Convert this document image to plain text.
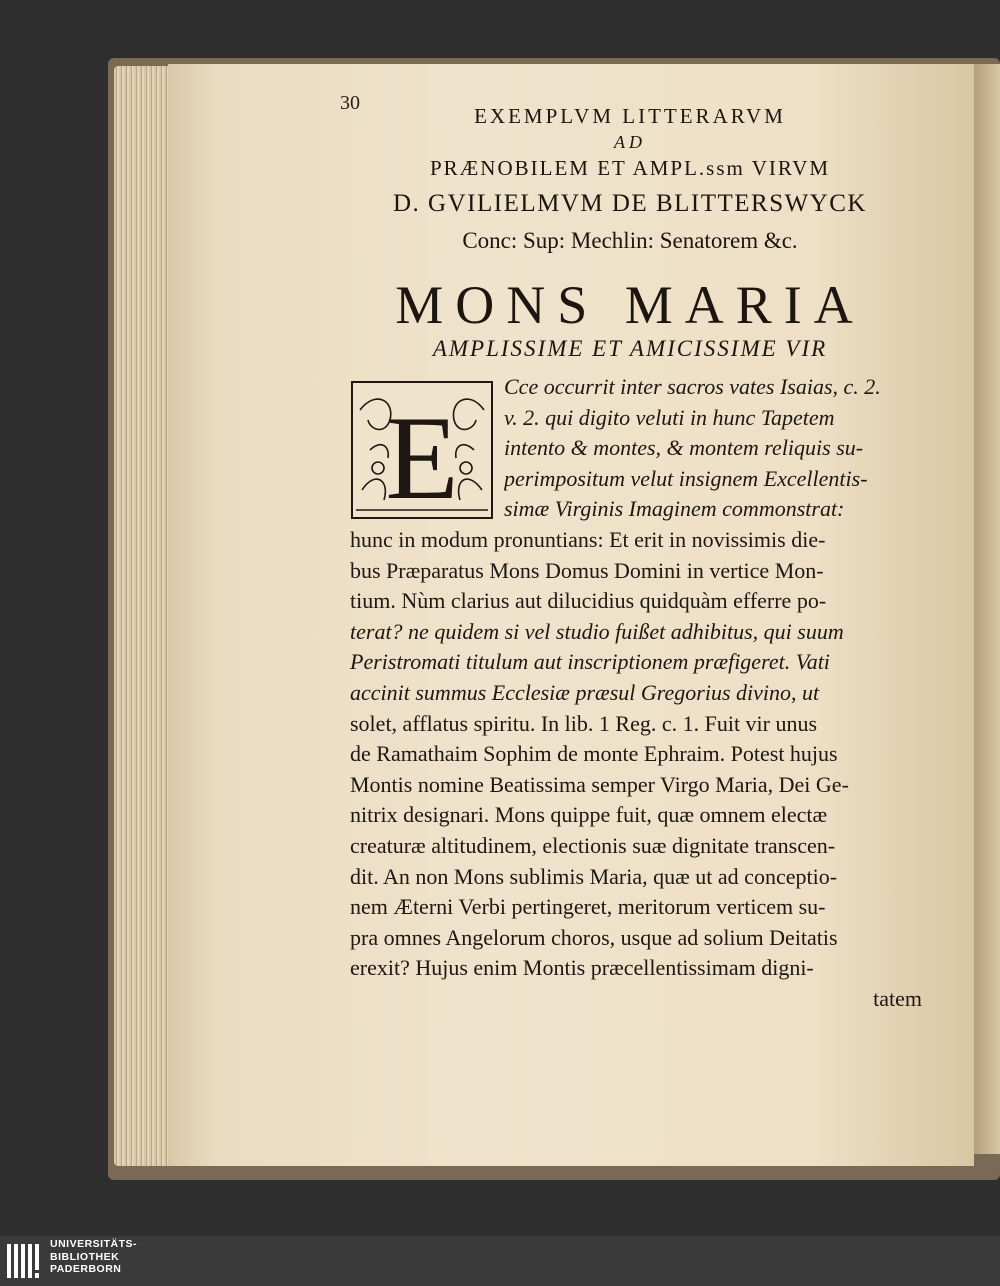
30
EXEMPLVM LITTERARVM
AD
PRÆNOBILEM ET AMPL.ssm VIRVM
D. GVILIELMVM DE BLITTERSWYCK
Conc: Sup: Mechlin: Senatorem &c.
MONS MARIA
AMPLISSIME ET AMICISSIME VIR
E
Cce occurrit inter sacros vates Isaias, c. 2.
v. 2. qui digito veluti in hunc Tapetem
intento & montes, & montem reliquis su-
perimpositum velut insignem Excellentis-
simæ Virginis Imaginem commonstrat:
hunc in modum pronuntians: Et erit in novissimis die-
bus Præparatus Mons Domus Domini in vertice Mon-
tium. Nùm clarius aut dilucidius quidquàm efferre po-
terat? ne quidem si vel studio fuißet adhibitus, qui suum
Peristromati titulum aut inscriptionem præfigeret. Vati
accinit summus Ecclesiæ præsul Gregorius divino, ut
solet, afflatus spiritu. In lib. 1 Reg. c. 1. Fuit vir unus
de Ramathaim Sophim de monte Ephraim. Potest hujus
Montis nomine Beatissima semper Virgo Maria, Dei Ge-
nitrix designari. Mons quippe fuit, quæ omnem electæ
creaturæ altitudinem, electionis suæ dignitate transcen-
dit. An non Mons sublimis Maria, quæ ut ad conceptio-
nem Æterni Verbi pertingeret, meritorum verticem su-
pra omnes Angelorum choros, usque ad solium Deitatis
erexit? Hujus enim Montis præcellentissimam digni-
tatem
UNIVERSITÄTS-
BIBLIOTHEK
PADERBORN
